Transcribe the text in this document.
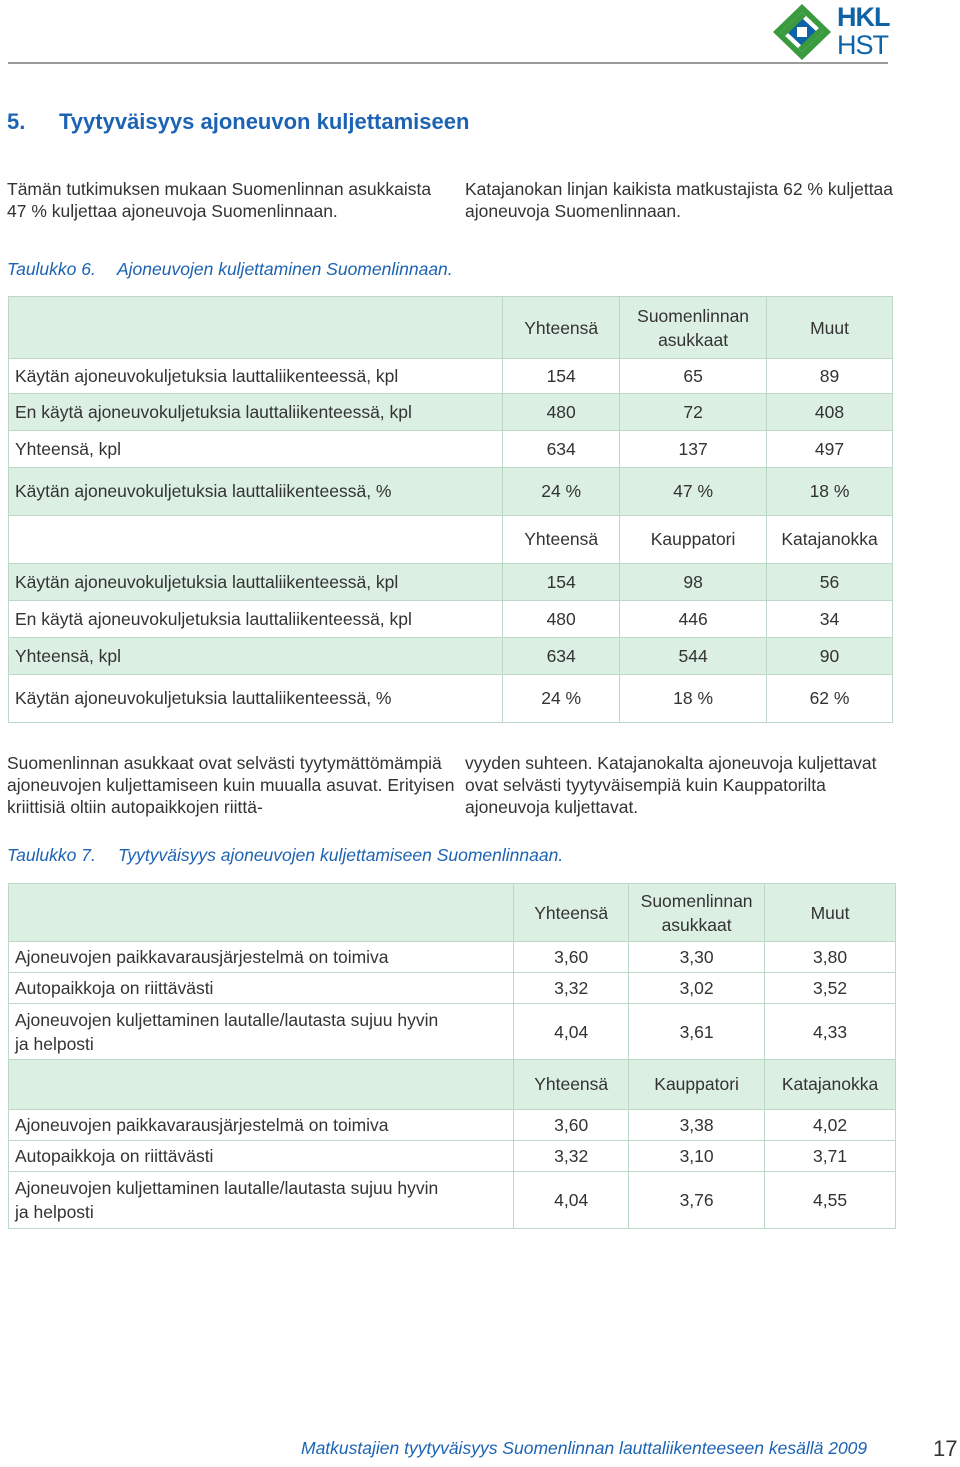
HKL
HST
5. Tyytyväisyys ajoneuvon kuljettamiseen

Tämän tutkimuksen mukaan Suomenlinnan asukkaista 47 % kuljettaa ajoneuvoja Suomenlinnaan.

Katajanokan linjan kaikista matkustajista 62 % kuljettaa ajoneuvoja Suomenlinnaan.

Taulukko 6. Ajoneuvojen kuljettaminen Suomenlinnaan.
	Yhteensä	Suomenlinnan asukkaat	Muut
Käytän ajoneuvokuljetuksia lauttaliikenteessä, kpl	154	65	89
En käytä ajoneuvokuljetuksia lauttaliikenteessä, kpl	480	72	408
Yhteensä, kpl	634	137	497
Käytän ajoneuvokuljetuksia lauttaliikenteessä, %	24 %	47 %	18 %
	Yhteensä	Kauppatori	Katajanokka
Käytän ajoneuvokuljetuksia lauttaliikenteessä, kpl	154	98	56
En käytä ajoneuvokuljetuksia lauttaliikenteessä, kpl	480	446	34
Yhteensä, kpl	634	544	90
Käytän ajoneuvokuljetuksia lauttaliikenteessä, %	24 %	18 %	62 %

Suomenlinnan asukkaat ovat selvästi tyytymättömämpiä ajoneuvojen kuljettamiseen kuin muualla asuvat. Erityisen kriittisiä oltiin autopaikkojen riittä-

vyyden suhteen. Katajanokalta ajoneuvoja kuljettavat ovat selvästi tyytyväisempiä kuin Kauppatorilta ajoneuvoja kuljettavat.

Taulukko 7. Tyytyväisyys ajoneuvojen kuljettamiseen Suomenlinnaan.
	Yhteensä	Suomenlinnan asukkaat	Muut
Ajoneuvojen paikkavarausjärjestelmä on toimiva	3,60	3,30	3,80
Autopaikkoja on riittävästi	3,32	3,02	3,52
Ajoneuvojen kuljettaminen lautalle/lautasta sujuu hyvin ja helposti	4,04	3,61	4,33
	Yhteensä	Kauppatori	Katajanokka
Ajoneuvojen paikkavarausjärjestelmä on toimiva	3,60	3,38	4,02
Autopaikkoja on riittävästi	3,32	3,10	3,71
Ajoneuvojen kuljettaminen lautalle/lautasta sujuu hyvin ja helposti	4,04	3,76	4,55
Matkustajien tyytyväisyys Suomenlinnan lauttaliikenteeseen kesällä 2009	17
